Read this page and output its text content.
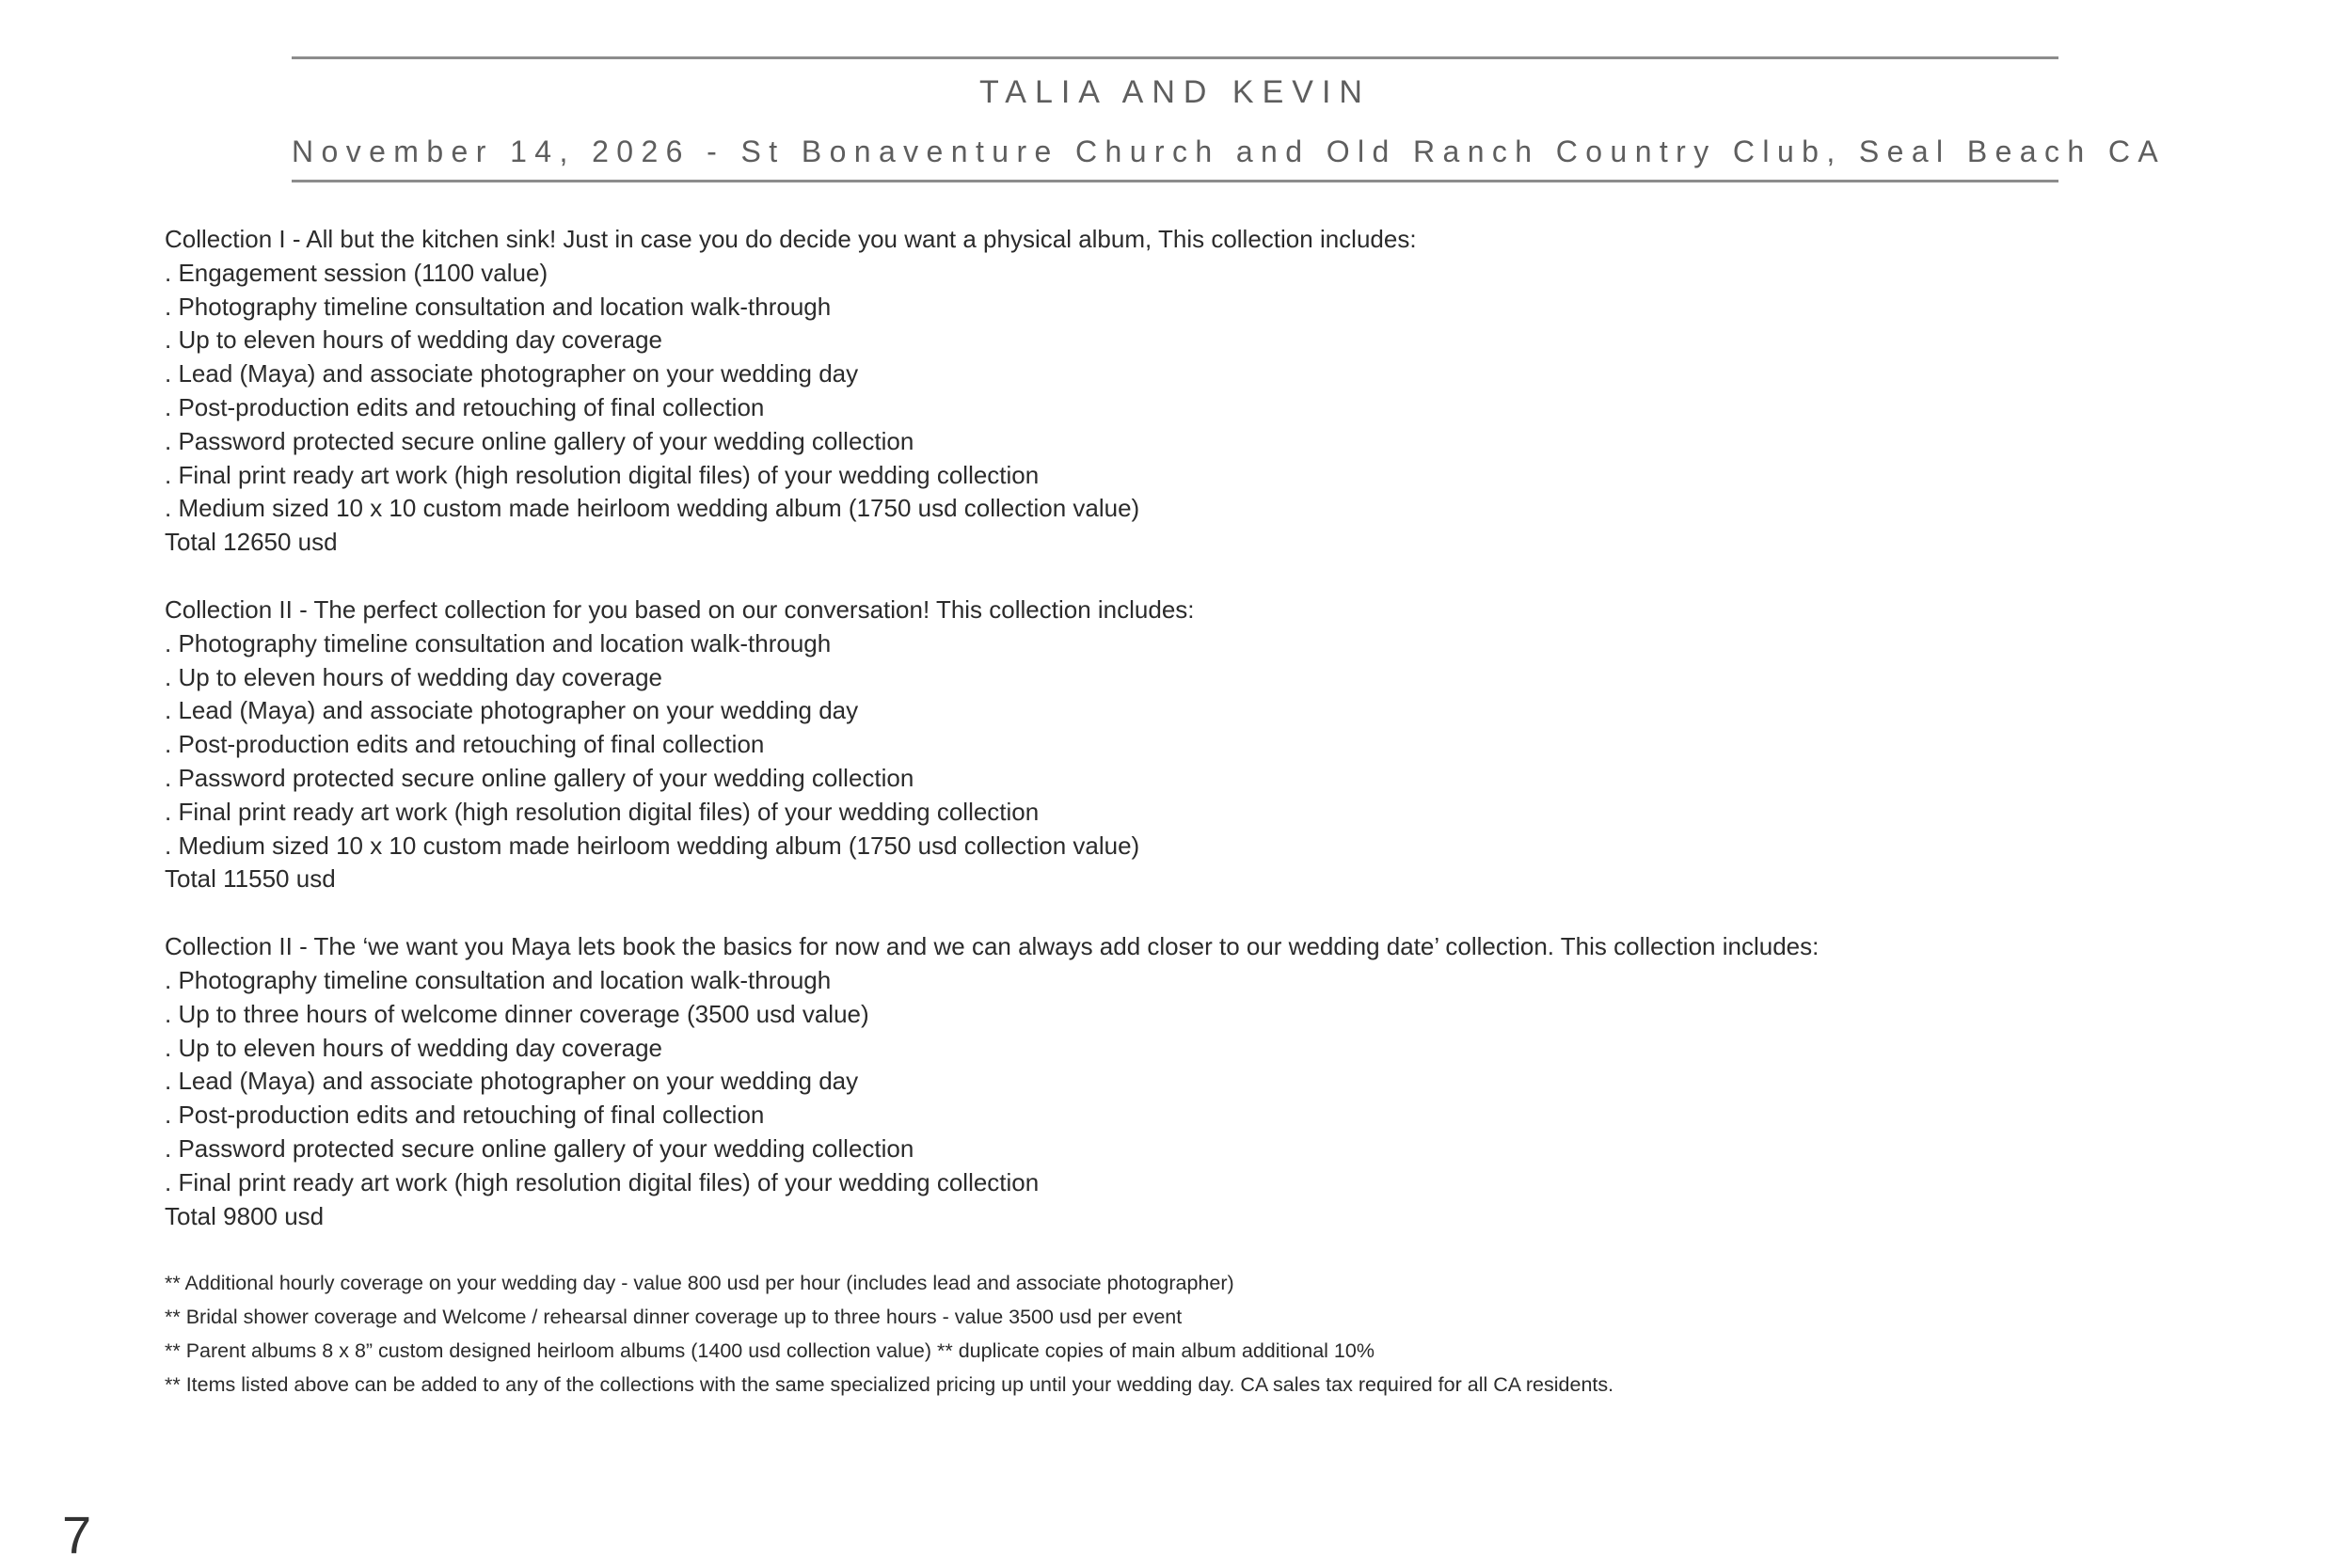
TALIA AND KEVIN
November 14, 2026 - St Bonaventure Church and Old Ranch Country Club, Seal Beach CA
Collection I - All but the kitchen sink! Just in case you do decide you want a physical album, This collection includes:
. Engagement session (1100 value)
. Photography timeline consultation and location walk-through
. Up to eleven hours of wedding day coverage
. Lead (Maya) and associate photographer on your wedding day
. Post-production edits and retouching of final collection
. Password protected secure online gallery of your wedding collection
. Final print ready art work (high resolution digital files) of your wedding collection
. Medium sized 10 x 10 custom made heirloom wedding album (1750 usd collection value)
Total 12650 usd
Collection II - The perfect collection for you based on our conversation! This collection includes:
. Photography timeline consultation and location walk-through
. Up to eleven hours of wedding day coverage
. Lead (Maya) and associate photographer on your wedding day
. Post-production edits and retouching of final collection
. Password protected secure online gallery of your wedding collection
. Final print ready art work (high resolution digital files) of your wedding collection
. Medium sized 10 x 10 custom made heirloom wedding album (1750 usd collection value)
Total 11550 usd
Collection II - The ‘we want you Maya lets book the basics for now and we can always add closer to our wedding date’ collection. This collection includes:
. Photography timeline consultation and location walk-through
. Up to three hours of welcome dinner coverage (3500 usd value)
. Up to eleven hours of wedding day coverage
. Lead (Maya) and associate photographer on your wedding day
. Post-production edits and retouching of final collection
. Password protected secure online gallery of your wedding collection
. Final print ready art work (high resolution digital files) of your wedding collection
Total 9800 usd
** Additional hourly coverage on your wedding day - value 800 usd per hour (includes lead and associate photographer)
** Bridal shower coverage and Welcome / rehearsal dinner coverage up to three hours - value 3500 usd per event
** Parent albums 8 x 8” custom designed heirloom albums (1400 usd collection value) ** duplicate copies of main album additional 10%
** Items listed above can be added to any of the collections with the same specialized pricing up until your wedding day. CA sales tax required for all CA residents.
7
